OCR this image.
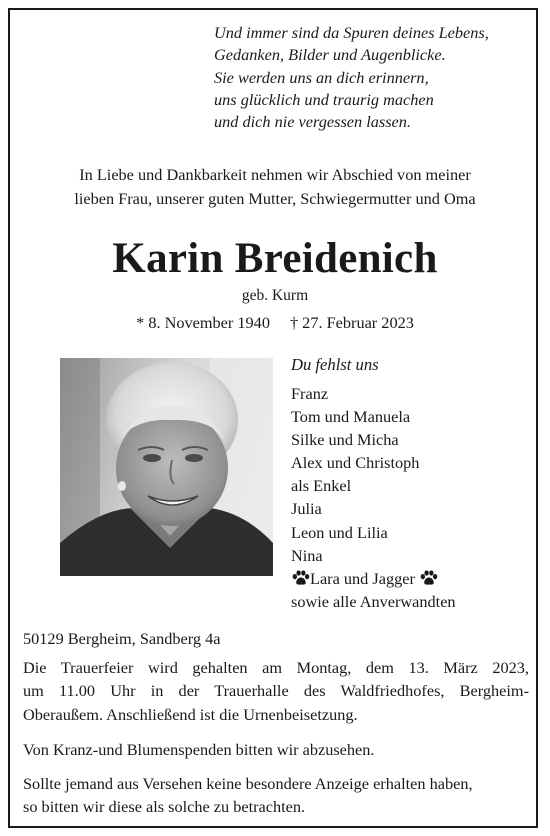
Und immer sind da Spuren deines Lebens,
Gedanken, Bilder und Augenblicke.
Sie werden uns an dich erinnern,
uns glücklich und traurig machen
und dich nie vergessen lassen.
In Liebe und Dankbarkeit nehmen wir Abschied von meiner
lieben Frau, unserer guten Mutter, Schwiegermutter und Oma
Karin Breidenich
geb. Kurm
* 8. November 1940 † 27. Februar 2023
Du fehlst uns
Franz
Tom und Manuela
Silke und Micha
Alex und Christoph
als Enkel
Julia
Leon und Lilia
Nina
Lara und Jagger
sowie alle Anverwandten
50129 Bergheim, Sandberg 4a
Die Trauerfeier wird gehalten am Montag, dem 13. März 2023,
um 11.00 Uhr in der Trauerhalle des Waldfriedhofes, Bergheim-
Oberaußem. Anschließend ist die Urnenbeisetzung.
Von Kranz-und Blumenspenden bitten wir abzusehen.
Sollte jemand aus Versehen keine besondere Anzeige erhalten haben,
so bitten wir diese als solche zu betrachten.
